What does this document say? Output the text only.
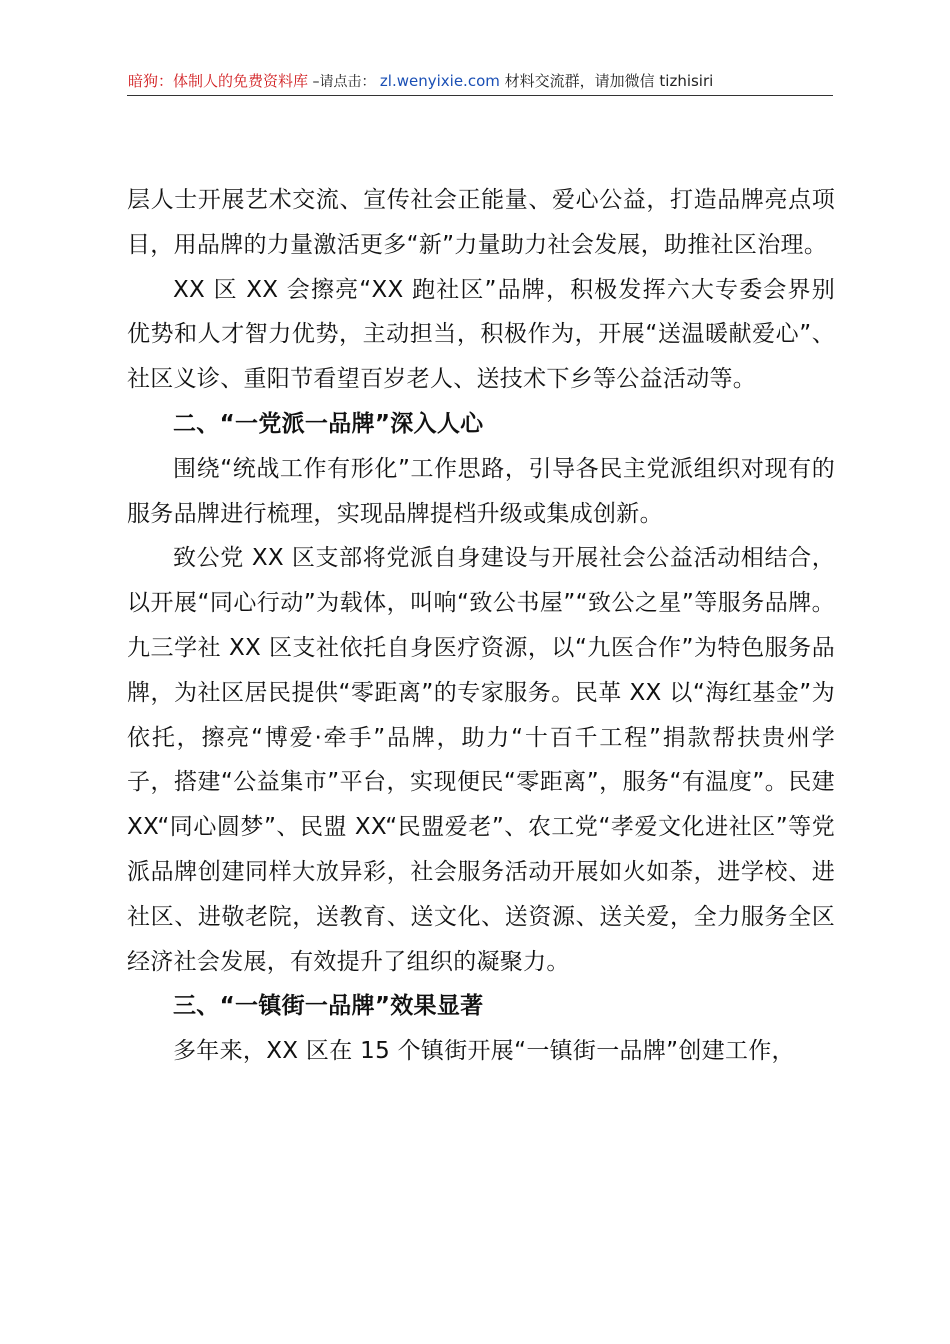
暗狗：体制人的免费资料库 –请点击： zl.wenyixie.com 材料交流群，请加微信 tizhisiri

层人士开展艺术交流、宣传社会正能量、爱心公益，打造品牌亮点项目，用品牌的力量激活更多“新”力量助力社会发展，助推社区治理。

XX 区 XX 会擦亮“XX 跑社区”品牌，积极发挥六大专委会界别优势和人才智力优势，主动担当，积极作为，开展“送温暖献爱心”、社区义诊、重阳节看望百岁老人、送技术下乡等公益活动等。

二、“一党派一品牌”深入人心

围绕“统战工作有形化”工作思路，引导各民主党派组织对现有的服务品牌进行梳理，实现品牌提档升级或集成创新。

致公党 XX 区支部将党派自身建设与开展社会公益活动相结合，以开展“同心行动”为载体，叫响“致公书屋”“致公之星”等服务品牌。九三学社 XX 区支社依托自身医疗资源，以“九医合作”为特色服务品牌，为社区居民提供“零距离”的专家服务。民革 XX 以“海红基金”为依托，擦亮“博爱·牵手”品牌，助力“十百千工程”捐款帮扶贵州学子，搭建“公益集市”平台，实现便民“零距离”，服务“有温度”。民建 XX“同心圆梦”、民盟 XX“民盟爱老”、农工党“孝爱文化进社区”等党派品牌创建同样大放异彩，社会服务活动开展如火如荼，进学校、进社区、进敬老院，送教育、送文化、送资源、送关爱，全力服务全区经济社会发展，有效提升了组织的凝聚力。

三、“一镇街一品牌”效果显著

多年来，XX 区在 15 个镇街开展“一镇街一品牌”创建工作，
